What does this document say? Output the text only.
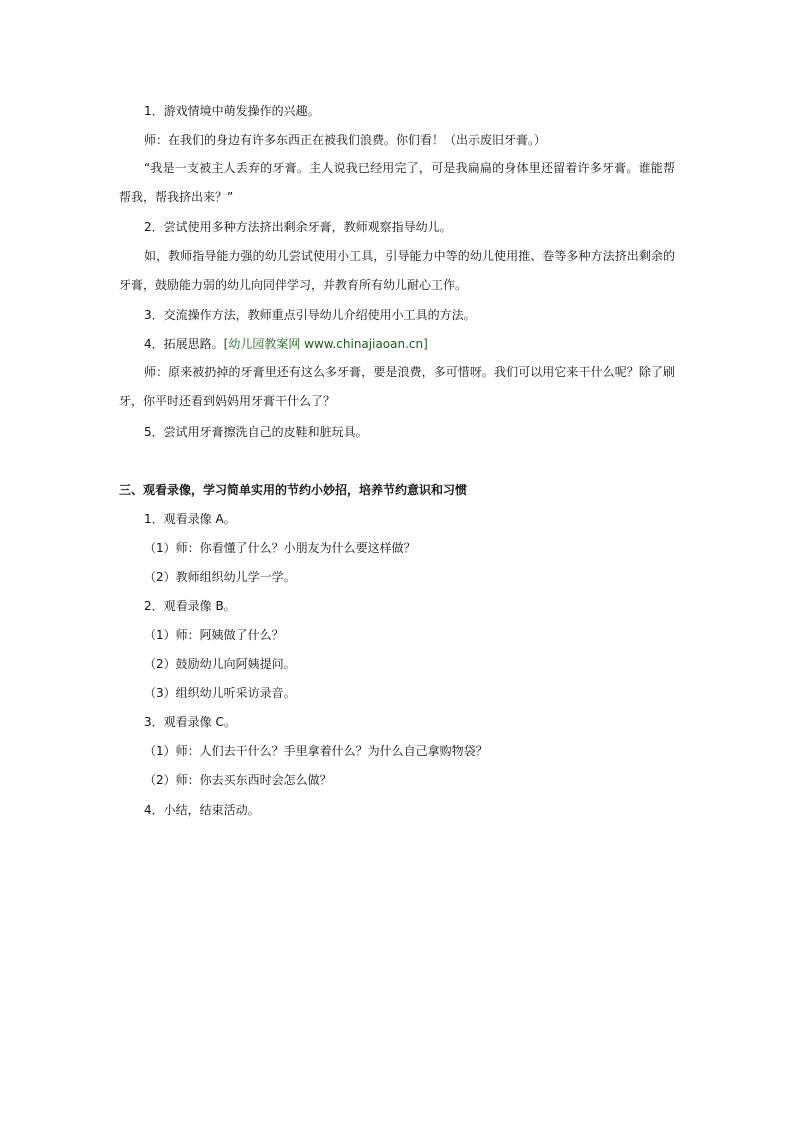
1．游戏情境中萌发操作的兴趣。
师：在我们的身边有许多东西正在被我们浪费。你们看！（出示废旧牙膏。）
“我是一支被主人丢弃的牙膏。主人说我已经用完了，可是我扁扁的身体里还留着许多牙膏。谁能帮帮我，帮我挤出来？”
2．尝试使用多种方法挤出剩余牙膏，教师观察指导幼儿。
如，教师指导能力强的幼儿尝试使用小工具，引导能力中等的幼儿使用推、卷等多种方法挤出剩余的牙膏，鼓励能力弱的幼儿向同伴学习，并教育所有幼儿耐心工作。
3．交流操作方法，教师重点引导幼儿介绍使用小工具的方法。
4．拓展思路。[幼儿园教案网 www.chinajiaoan.cn]
师：原来被扔掉的牙膏里还有这么多牙膏，要是浪费，多可惜呀。我们可以用它来干什么呢？除了刷牙，你平时还看到妈妈用牙膏干什么了？
5．尝试用牙膏擦洗自己的皮鞋和脏玩具。
三、观看录像，学习简单实用的节约小妙招，培养节约意识和习惯
1．观看录像 A。
（1）师：你看懂了什么？小朋友为什么要这样做？
（2）教师组织幼儿学一学。
2．观看录像 B。
（1）师：阿姨做了什么？
（2）鼓励幼儿向阿姨提问。
（3）组织幼儿听采访录音。
3．观看录像 C。
（1）师：人们去干什么？手里拿着什么？为什么自己拿购物袋？
（2）师：你去买东西时会怎么做？
4．小结，结束活动。
